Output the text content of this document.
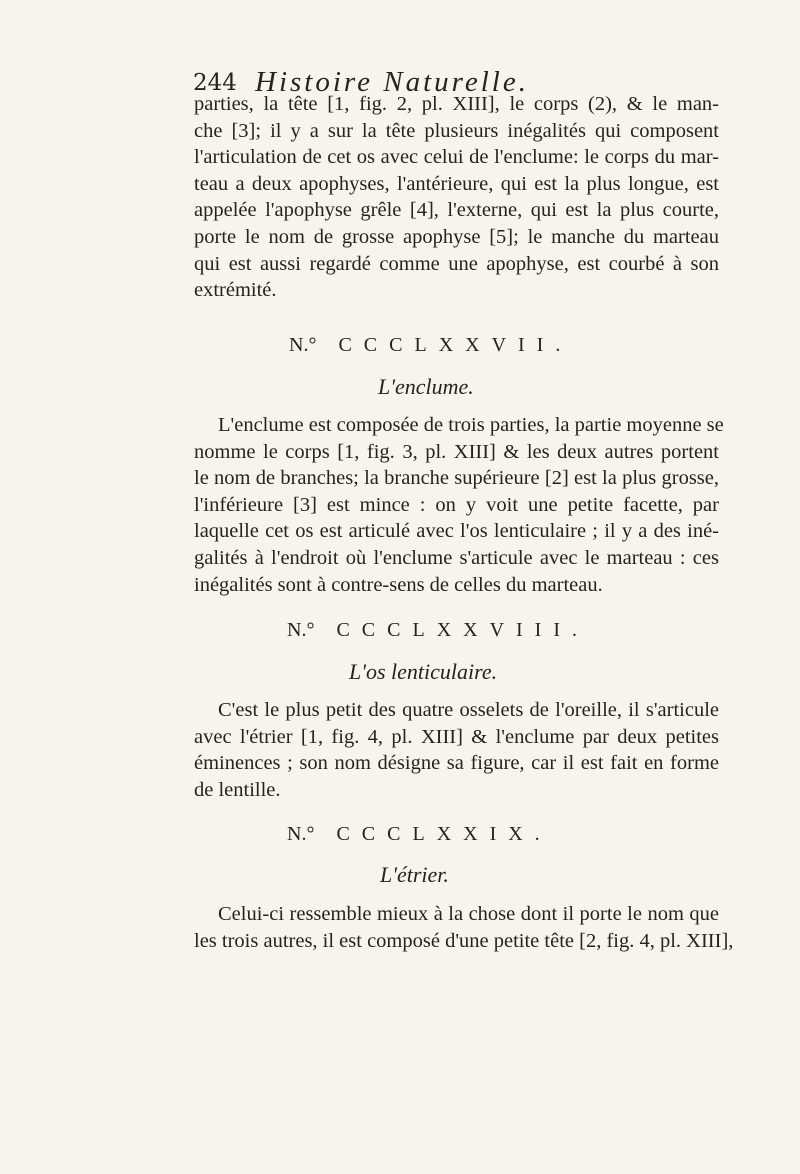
244 Histoire Naturelle.
parties, la tête [1, fig. 2, pl. XIII], le corps (2), & le man-
che [3]; il y a sur la tête plusieurs inégalités qui composent
l'articulation de cet os avec celui de l'enclume: le corps du mar-
teau a deux apophyses, l'antérieure, qui est la plus longue, est
appelée l'apophyse grêle [4], l'externe, qui est la plus courte,
porte le nom de grosse apophyse [5]; le manche du marteau
qui est aussi regardé comme une apophyse, est courbé à son
extrémité.
N.° CCCLXXVII.
L'enclume.
L'enclume est composée de trois parties, la partie moyenne se
nomme le corps [1, fig. 3, pl. XIII] & les deux autres portent
le nom de branches; la branche supérieure [2] est la plus grosse,
l'inférieure [3] est mince : on y voit une petite facette, par
laquelle cet os est articulé avec l'os lenticulaire ; il y a des iné-
galités à l'endroit où l'enclume s'articule avec le marteau : ces
inégalités sont à contre-sens de celles du marteau.
N.° CCCLXXVIII.
L'os lenticulaire.
C'est le plus petit des quatre osselets de l'oreille, il s'articule
avec l'étrier [1, fig. 4, pl. XIII] & l'enclume par deux petites
éminences ; son nom désigne sa figure, car il est fait en forme
de lentille.
N.° CCCLXXIX.
L'étrier.
Celui-ci ressemble mieux à la chose dont il porte le nom que
les trois autres, il est composé d'une petite tête [2, fig. 4, pl. XIII],
